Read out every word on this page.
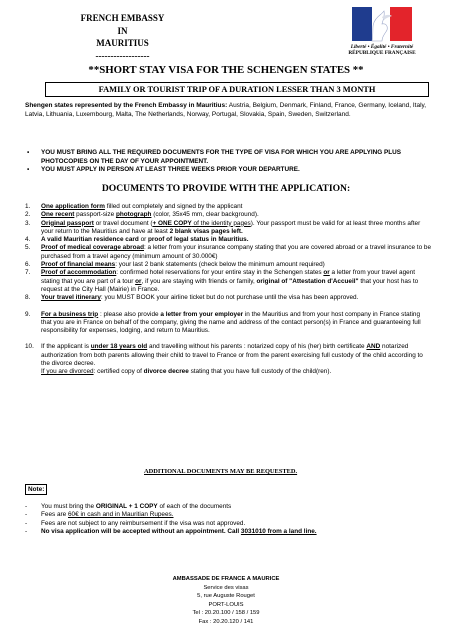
FRENCH EMBASSY
IN
MAURITIUS
------------------
Liberté • Égalité • Fraternité
RÉPUBLIQUE FRANÇAISE
**SHORT STAY VISA FOR THE SCHENGEN STATES **
FAMILY OR TOURIST TRIP OF A DURATION LESSER THAN 3 MONTH
Shengen states represented by the French Embassy in Mauritius: Austria, Belgium, Denmark, Finland, France, Germany, Iceland, Italy, Latvia, Lithuania, Luxembourg, Malta, The Netherlands, Norway, Portugal, Slovakia, Spain, Sweden, Switzerland.
▪ YOU MUST BRING ALL THE REQUIRED DOCUMENTS FOR THE TYPE OF VISA FOR WHICH YOU ARE APPLYING PLUS PHOTOCOPIES ON THE DAY OF YOUR APPOINTMENT.
▪ YOU MUST APPLY IN PERSON AT LEAST THREE WEEKS PRIOR YOUR DEPARTURE.
DOCUMENTS TO PROVIDE WITH THE APPLICATION:
1. One application form filled out completely and signed by the applicant
2. One recent passport-size photograph (color, 35x45 mm, clear background).
3. Original passport or travel document (+ ONE COPY of the identity pages). Your passport must be valid for at least three months after your return to the Mauritius and have at least 2 blank visas pages left.
4. A valid Mauritian residence card or proof of legal status in Mauritius.
5. Proof of medical coverage abroad: a letter from your insurance company stating that you are covered abroad or a travel insurance to be purchased from a travel agency (minimum amount of 30.000€)
6. Proof of financial means: your last 2 bank statements (check below the minimum amount required)
7. Proof of accommodation: confirmed hotel reservations for your entire stay in the Schengen states or a letter from your travel agent stating that you are part of a tour or, if you are staying with friends or family, original of "Attestation d'Accueil" that your host has to request at the City Hall (Mairie) in France.
8. Your travel itinerary: you MUST BOOK your airline ticket but do not purchase until the visa has been approved.
9. For a business trip : please also provide a letter from your employer in the Mauritius and from your host company in France stating that you are in France on behalf of the company, giving the name and address of the contact person(s) in France and guaranteeing full responsibility for expenses, lodging, and return to Mauritius.
10. If the applicant is under 18 years old and travelling without his parents : notarized copy of his (her) birth certificate AND notarized authorization from both parents allowing their child to travel to France or from the parent exercising full custody of the child according to the divorce decree.
If you are divorced: certified copy of divorce decree stating that you have full custody of the child(ren).
ADDITIONAL DOCUMENTS MAY BE REQUESTED.
Note:
- You must bring the ORIGINAL + 1 COPY of each of the documents
- Fees are 60€ in cash and in Mauritian Rupees.
- Fees are not subject to any reimbursement if the visa was not approved.
- No visa application will be accepted without an appointment. Call 3031010 from a land line.
AMBASSADE DE FRANCE A MAURICE
Service des visas
5, rue Auguste Rouget
PORT-LOUIS
Tel : 20.20.100 / 158 / 159
Fax : 20.20.120 / 141
